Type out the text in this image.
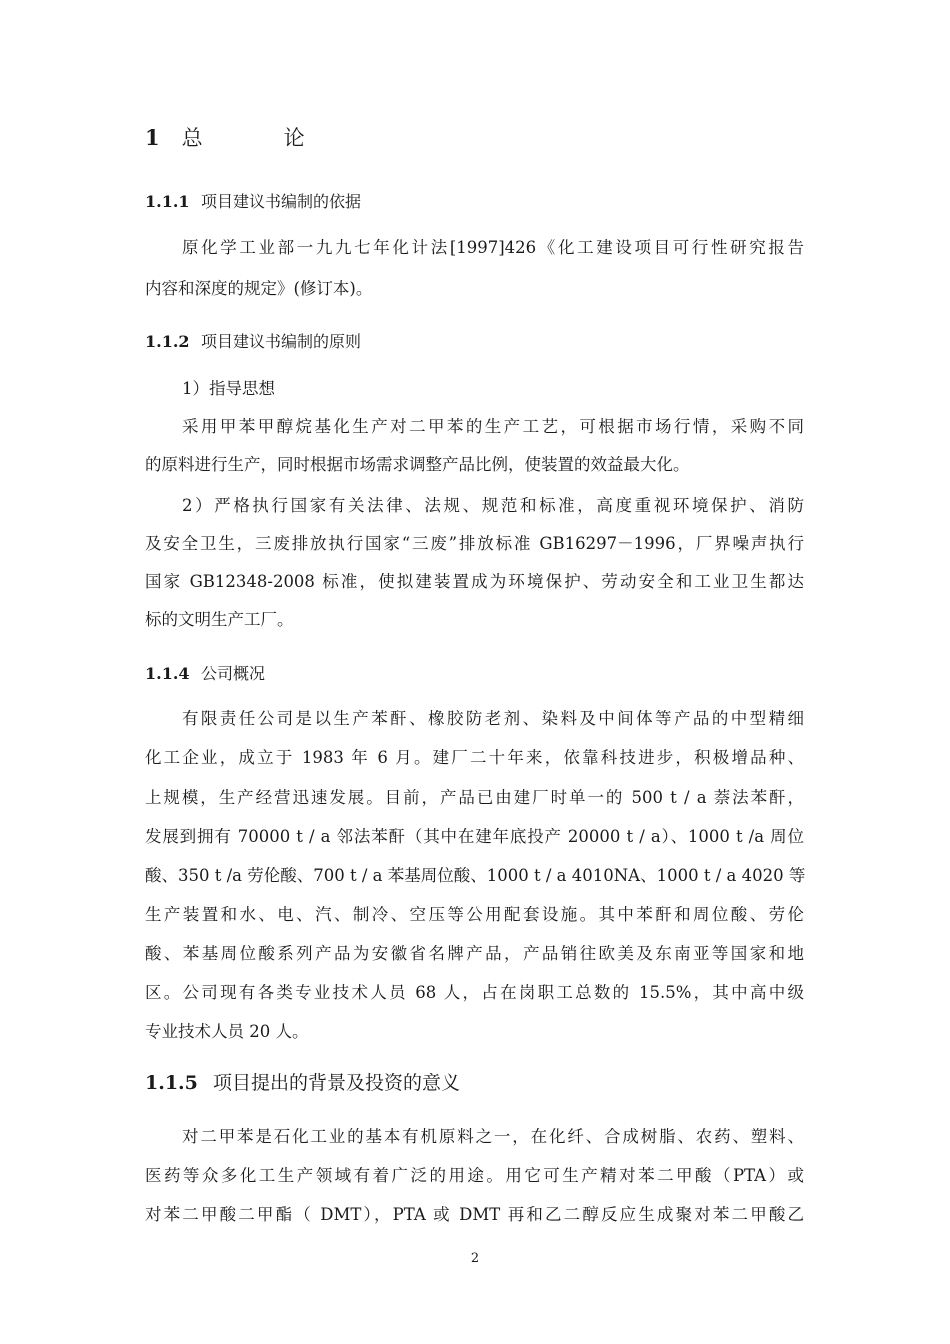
1 总　论
1.1.1 项目建议书编制的依据
原化学工业部一九九七年化计法[1997]426《化工建设项目可行性研究报告
内容和深度的规定》(修订本)。
1.1.2 项目建议书编制的原则
1）指导思想
采用甲苯甲醇烷基化生产对二甲苯的生产工艺，可根据市场行情，采购不同
的原料进行生产，同时根据市场需求调整产品比例，使装置的效益最大化。
2）严格执行国家有关法律、法规、规范和标准，高度重视环境保护、消防
及安全卫生，三废排放执行国家“三废”排放标准 GB16297－1996，厂界噪声执行
国家 GB12348-2008 标准，使拟建装置成为环境保护、劳动安全和工业卫生都达
标的文明生产工厂。
1.1.4 公司概况
有限责任公司是以生产苯酐、橡胶防老剂、染料及中间体等产品的中型精细
化工企业，成立于 1983 年 6 月。建厂二十年来，依靠科技进步，积极增品种、
上规模，生产经营迅速发展。目前，产品已由建厂时单一的 500 t / a 萘法苯酐，
发展到拥有 70000 t / a 邻法苯酐（其中在建年底投产 20000 t / a）、1000 t /a 周位
酸、350 t /a 劳伦酸、700 t / a 苯基周位酸、1000 t / a 4010NA、1000 t / a 4020 等
生产装置和水、电、汽、制冷、空压等公用配套设施。其中苯酐和周位酸、劳伦
酸、苯基周位酸系列产品为安徽省名牌产品，产品销往欧美及东南亚等国家和地
区。公司现有各类专业技术人员 68 人，占在岗职工总数的 15.5%，其中高中级
专业技术人员 20 人。
1.1.5 项目提出的背景及投资的意义
对二甲苯是石化工业的基本有机原料之一，在化纤、合成树脂、农药、塑料、
医药等众多化工生产领域有着广泛的用途。用它可生产精对苯二甲酸（PTA）或
对苯二甲酸二甲酯（ DMT），PTA 或 DMT 再和乙二醇反应生成聚对苯二甲酸乙
2
